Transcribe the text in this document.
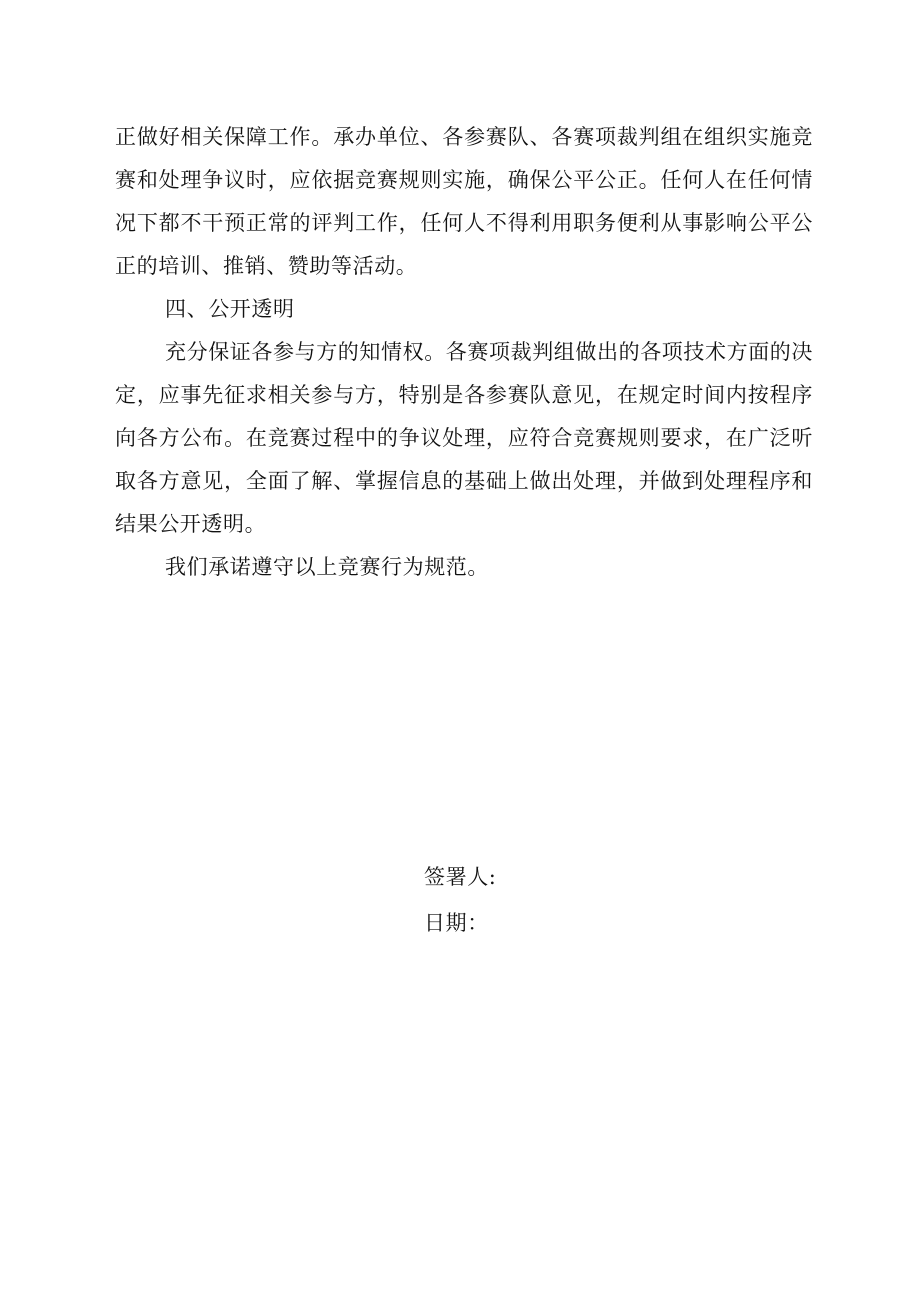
正做好相关保障工作。承办单位、各参赛队、各赛项裁判组在组织实施竞赛和处理争议时，应依据竞赛规则实施，确保公平公正。任何人在任何情况下都不干预正常的评判工作，任何人不得利用职务便利从事影响公平公正的培训、推销、赞助等活动。

四、公开透明

充分保证各参与方的知情权。各赛项裁判组做出的各项技术方面的决定，应事先征求相关参与方，特别是各参赛队意见，在规定时间内按程序向各方公布。在竞赛过程中的争议处理，应符合竞赛规则要求，在广泛听取各方意见，全面了解、掌握信息的基础上做出处理，并做到处理程序和结果公开透明。

我们承诺遵守以上竞赛行为规范。

签署人:
日期：
